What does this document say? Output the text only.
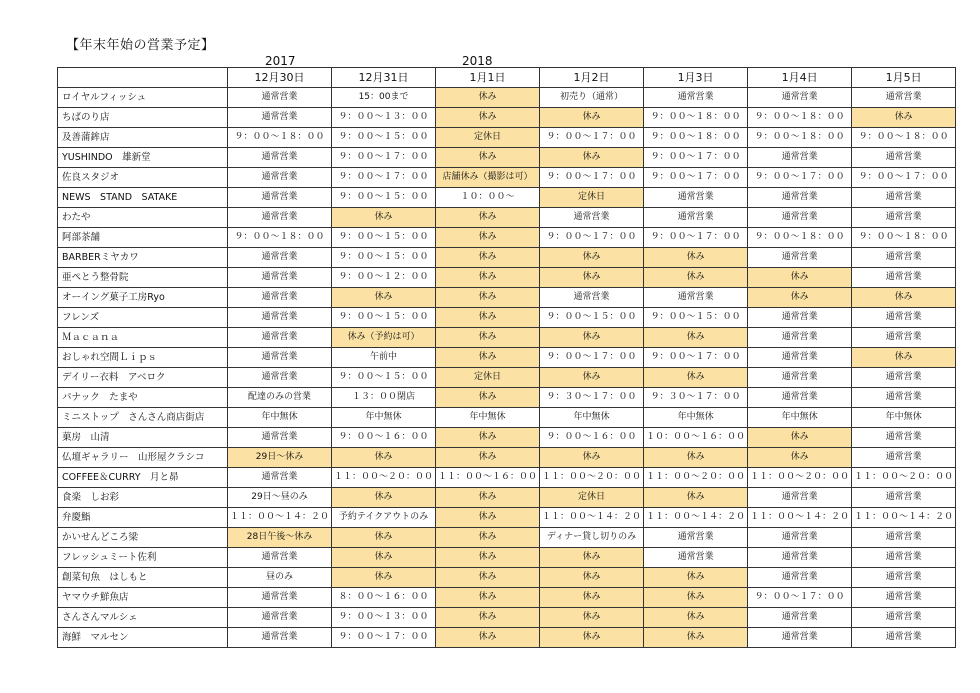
【年末年始の営業予定】
2017	2018
	12月30日	12月31日	1月1日	1月2日	1月3日	1月4日	1月5日
ロイヤルフィッシュ	通常営業	15：00まで	休み	初売り（通常）	通常営業	通常営業	通常営業
ちばのり店	通常営業	９：００～１３：００	休み	休み	９：００～１８：００	９：００～１８：００	休み
及善蒲鉾店	９：００～１８：００	９：００～１５：００	定休日	９：００～１７：００	９：００～１８：００	９：００～１８：００	９：００～１８：００
YUSHINDO　雄新堂	通常営業	９：００～１７：００	休み	休み	９：００～１７：００	通常営業	通常営業
佐良スタジオ	通常営業	９：００～１７：００	店舗休み（撮影は可）	９：００～１７：００	９：００～１７：００	９：００～１７：００	９：００～１７：００
NEWS　STAND　SATAKE	通常営業	９：００～１５：００	１０：００～	定休日	通常営業	通常営業	通常営業
わたや	通常営業	休み	休み	通常営業	通常営業	通常営業	通常営業
阿部茶舗	９：００～１８：００	９：００～１５：００	休み	９：００～１７：００	９：００～１７：００	９：００～１８：００	９：００～１８：００
BARBERミヤカワ	通常営業	９：００～１５：００	休み	休み	休み	通常営業	通常営業
亜ぺとう整骨院	通常営業	９：００～１２：００	休み	休み	休み	休み	通常営業
オーイング菓子工房Ryo	通常営業	休み	休み	通常営業	通常営業	休み	休み
フレンズ	通常営業	９：００～１５：００	休み	９：００～１５：００	９：００～１５：００	通常営業	通常営業
Ｍａｃａｎａ	通常営業	休み（予約は可）	休み	休み	休み	通常営業	通常営業
おしゃれ空間Ｌｉｐｓ	通常営業	午前中	休み	９：００～１７：００	９：００～１７：００	通常営業	休み
デイリー衣料　アベロク	通常営業	９：００～１５：００	定休日	休み	休み	通常営業	通常営業
パナック　たまや	配達のみの営業	１３：００閉店	休み	９：３０～１７：００	９：３０～１７：００	通常営業	通常営業
ミニストップ　さんさん商店街店	年中無休	年中無休	年中無休	年中無休	年中無休	年中無休	年中無休
菓房　山清	通常営業	９：００～１６：００	休み	９：００～１６：００	１０：００～１６：００	休み	通常営業
仏壇ギャラリー　山形屋クラシコ	29日～休み	休み	休み	休み	休み	休み	通常営業
COFFEE＆CURRY　月と昴	通常営業	１１：００～２０：００	１１：００～１６：００	１１：００～２０：００	１１：００～２０：００	１１：００～２０：００	１１：００～２０：００
食楽　しお彩	29日～昼のみ	休み	休み	定休日	休み	通常営業	通常営業
弁慶鮨	１１：００～１４：２０	予約テイクアウトのみ	休み	１１：００～１４：２０	１１：００～１４：２０	１１：００～１４：２０	１１：００～１４：２０
かいせんどころ梁	28日午後～休み	休み	休み	ディナー貸し切りのみ	通常営業	通常営業	通常営業
フレッシュミート佐利	通常営業	休み	休み	休み	通常営業	通常営業	通常営業
創菜旬魚　はしもと	昼のみ	休み	休み	休み	休み	通常営業	通常営業
ヤマウチ鮮魚店	通常営業	８：００～１６：００	休み	休み	休み	９：００～１７：００	通常営業
さんさんマルシェ	通常営業	９：００～１３：００	休み	休み	休み	通常営業	通常営業
海鮮　マルセン	通常営業	９：００～１７：００	休み	休み	休み	通常営業	通常営業
